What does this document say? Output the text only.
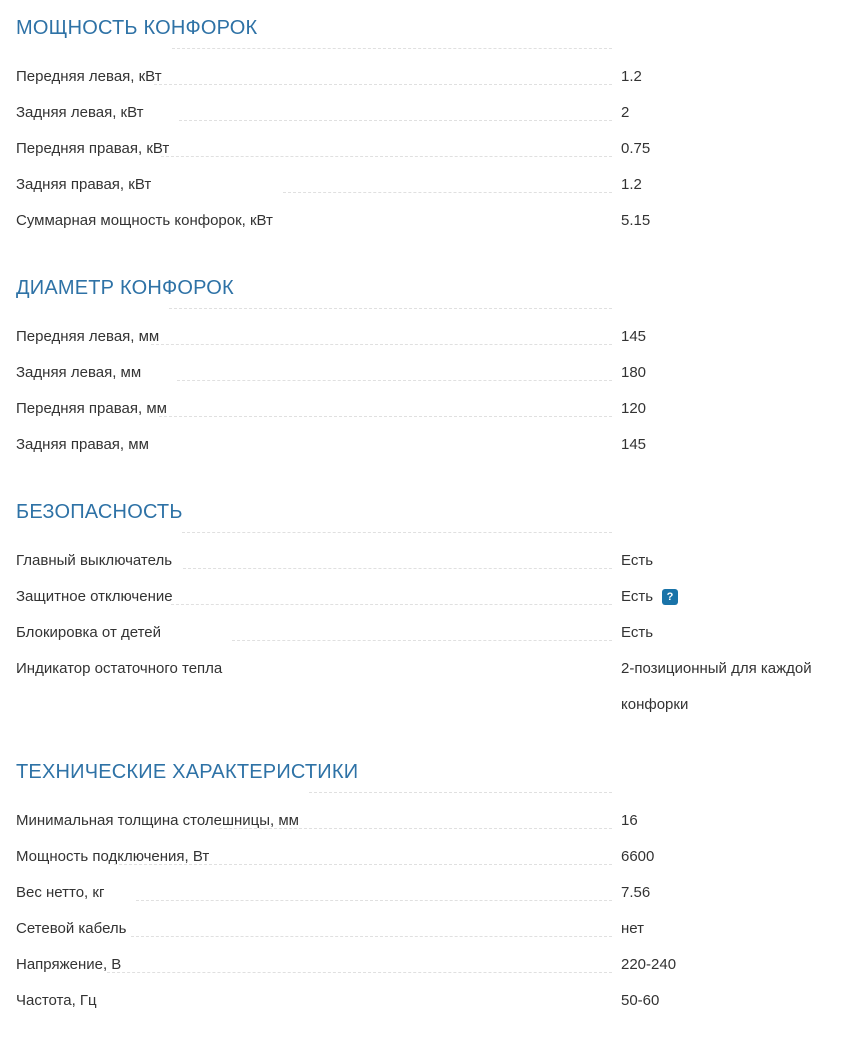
МОЩНОСТЬ КОНФОРОК
Передняя левая, кВт	1.2
Задняя левая, кВт	2
Передняя правая, кВт	0.75
Задняя правая, кВт	1.2
Суммарная мощность конфорок, кВт	5.15
ДИАМЕТР КОНФОРОК
Передняя левая, мм	145
Задняя левая, мм	180
Передняя правая, мм	120
Задняя правая, мм	145
БЕЗОПАСНОСТЬ
Главный выключатель	Есть
Защитное отключение	Есть ?
Блокировка от детей	Есть
Индикатор остаточного тепла	2-позиционный для каждой конфорки
ТЕХНИЧЕСКИЕ ХАРАКТЕРИСТИКИ
Минимальная толщина столешницы, мм	16
Мощность подключения, Вт	6600
Вес нетто, кг	7.56
Сетевой кабель	нет
Напряжение, В	220-240
Частота, Гц	50-60
